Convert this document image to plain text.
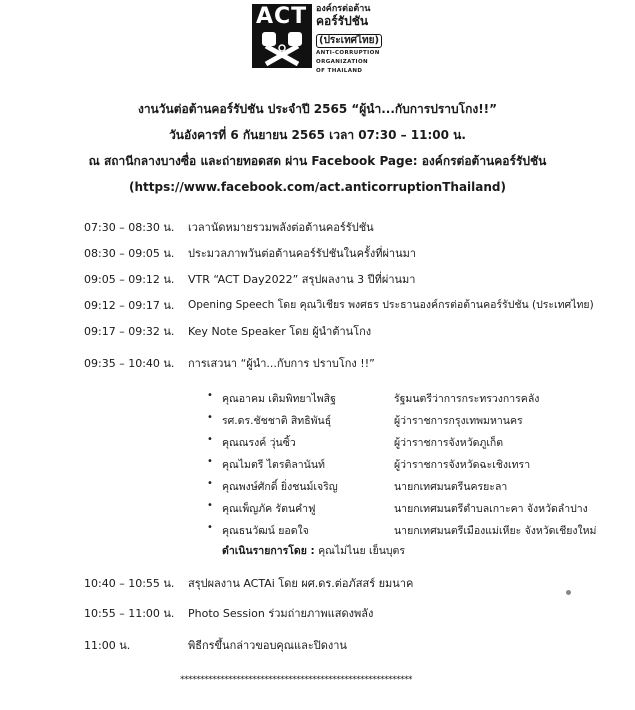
ACT องค์กรต่อต้าน
คอร์รัปชัน
(ประเทศไทย)
ANTI-CORRUPTION
ORGANIZATION
OF THAILAND
งานวันต่อต้านคอร์รัปชัน ประจำปี 2565 “ผู้นำ...กับการปราบโกง!!”
วันอังคารที่ 6 กันยายน 2565 เวลา 07:30 – 11:00 น.
ณ สถานีกลางบางซื่อ และถ่ายทอดสด ผ่าน Facebook Page: องค์กรต่อต้านคอร์รัปชัน
(https://www.facebook.com/act.anticorruptionThailand)
07:30 – 08:30 น. เวลานัดหมายรวมพลังต่อต้านคอร์รัปชัน
08:30 – 09:05 น. ประมวลภาพวันต่อต้านคอร์รัปชันในครั้งที่ผ่านมา
09:05 – 09:12 น. VTR “ACT Day2022” สรุปผลงาน 3 ปีที่ผ่านมา
09:12 – 09:17 น. Opening Speech โดย คุณวิเชียร พงศธร ประธานองค์กรต่อต้านคอร์รัปชัน (ประเทศไทย)
09:17 – 09:32 น. Key Note Speaker โดย ผู้นำต้านโกง
09:35 – 10:40 น. การเสวนา “ผู้นำ...กับการ ปราบโกง !!”
• คุณอาคม เติมพิทยาไพสิฐ	รัฐมนตรีว่าการกระทรวงการคลัง
• รศ.ดร.ชัชชาติ สิทธิพันธุ์	ผู้ว่าราชการกรุงเทพมหานคร
• คุณณรงค์ วุ่นซิ้ว	ผู้ว่าราชการจังหวัดภูเก็ต
• คุณไมตรี ไตรติลานันท์	ผู้ว่าราชการจังหวัดฉะเชิงเทรา
• คุณพงษ์ศักดิ์ ยิ่งชนม์เจริญ	นายกเทศมนตรีนครยะลา
• คุณเพ็ญภัค รัตนคำฟู	นายกเทศมนตรีตำบลเกาะคา จังหวัดลำปาง
• คุณธนวัฒน์ ยอดใจ	นายกเทศมนตรีเมืองแม่เหียะ จังหวัดเชียงใหม่
ดำเนินรายการโดย : คุณไม่ไนย เย็นบุตร
10:40 – 10:55 น. สรุปผลงาน ACTAi โดย ผศ.ดร.ต่อภัสสร์ ยมนาค
10:55 – 11:00 น. Photo Session ร่วมถ่ายภาพแสดงพลัง
11:00 น.	พิธีกรขึ้นกล่าวขอบคุณและปิดงาน
**********************************************************
